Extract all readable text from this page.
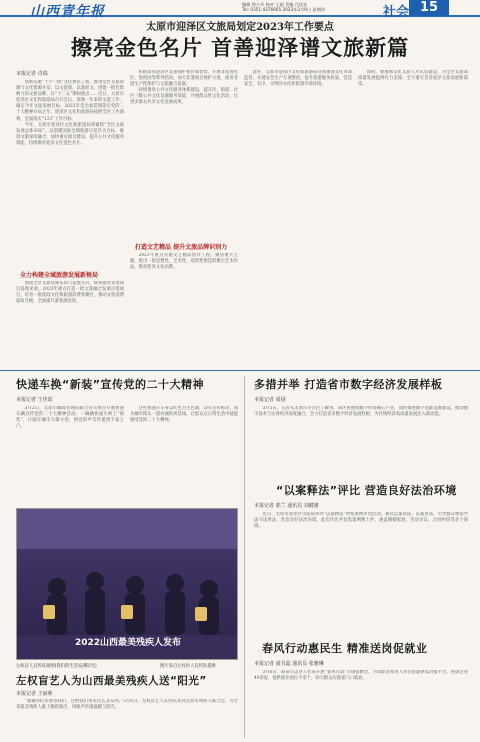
山西青年报	编辑 徐小芳 校对 王丽 美编 吕佳宏
Tel: 0351-4376665 2023年3月9日 星期四	社会 15
太原市迎泽区文旅局划定2023年工作要点
擦亮金色名片 首善迎泽谱文旅新篇
本报记者 肖瑞

创新实施“十个一批”文化惠民工程，推进全区文旅资源与文化资源开发；以文促旅，以旅彰文，创建一批有影响力的文旅品牌，在“十二五”期间重点……近日，太原市迎泽区文化和旅游局召开会议，部署一年来的文旅工作，确定今年文旅发展目标。2022年是全面贯彻落实党的二十大精神开局之年，迎泽区文化和旅游局按照全区工作部署，全面落实“123”工作目标。

今年，太原市迎泽区文化和旅游局将紧抓“全区文旅发展总体布局”，以创建国家全域旅游示范区为目标，推进文旅深度融合，加快重点项目建设，提升公共文化服务效能，持续擦亮迎泽文化金色名片。

全力构建全域旅游发展新格局

围绕全区文旅资源布局与发展方向，统筹推进各类项目落地见效。2023年重点打造一批文旅融合发展示范项目，培育一批夜间文化和旅游消费集聚区，推动文旅消费提质升级，全面提升游客满意度。

积极发挥迎泽区非遗保护和传承优势，开展非遗进社区、进校园等系列活动，加大非遗项目保护力度，推进非遗生产性保护与文旅融合发展。

持续推进公共文化服务体系建设，提升区、街道、社区三级公共文化设施服务效能，开展群众性文化活动，让更多群众共享文化发展成果。

打造文艺精品 提升文旅品牌识别力

2023年重点实施文艺精品创作工程，聚焦重大主题，推出一批思想性、艺术性、观赏性俱佳的舞台艺术作品，擦亮迎泽文化品牌。

此外，太原市迎泽区文化和旅游局还将加强文化市场监管，开展安全生产专项整治，提升旅游服务质量，营造安全、有序、文明的文化和旅游市场环境。

同时，要加强文化文旅人才队伍建设，为全区文旅高质量发展提供有力支撑，全力谱写首善迎泽文旅发展新篇章。

快递车换“新装”宣传党的二十大精神
本报记者 王佳瑶

3月2日，太原市邮政管理局联合有关单位开展快递车辆宣传党的二十大精神活动，一辆辆快递车换上“新装”，行驶在城市大街小巷，将党的声音传递到千家万户。

这些快递车车身以红色为主色调，印有宣传标语，成为城市街头一道亮丽的风景线，让群众在日常生活中就能感受党的二十大精神。

2022山西最美残疾人发布
左权盲人宣传队演唱(我们的生活充满阳光)	图片来自左权县人宣传队提供
左权盲艺人为山西最美残疾人送“阳光”
本报记者 王丽莉

“感谢你们来看望我们，还给我们带来这么多东西。”3月6日，左权盲艺人宣传队来到太原市残疾人联合会，为全省最美残疾人献上精彩演出，用歌声传递温暖与阳光。

多措并举 打造省市数字经济发展样板
本报记者 周扬

3月1日，记者从太原市小店区了解到，该区将围绕数字经济核心产业，加快推进数字基础设施建设，推动数字技术与实体经济深度融合，全力打造省市数字经济发展样板，为区域经济高质量发展注入新动能。

“以案释法”评比 营造良好法治环境
本报记者 郭兰 通讯员 刘健雄

近日，太原市迎泽区司法局举办“以案释法”典型案例评比活动，通过以案说法、以案普法，引导群众尊法学法守法用法，营造良好法治环境。此次评比共征集案例数十件，涵盖婚姻家庭、劳动争议、合同纠纷等多个领域。

春风行动惠民生 精准送岗促就业
本报记者 聂书蕊 通讯员 张雅琳

3月6日，阳泉市盂县人社局开展“春风行动”专场招聘会，为求职者和用人单位搭建供需对接平台，进场企业40余家，提供就业岗位千余个，助力群众实现家门口就业。
